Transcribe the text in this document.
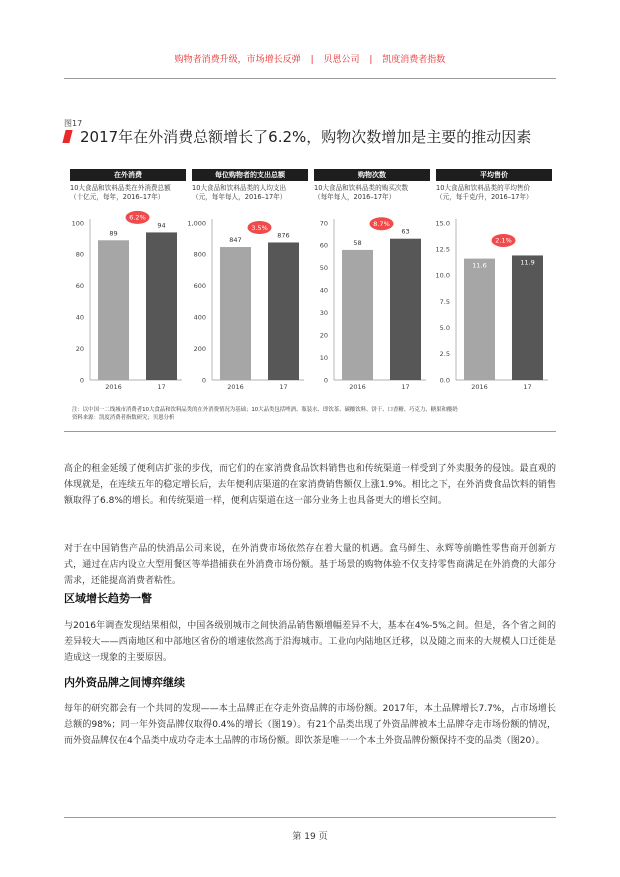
购物者消费升级，市场增长反弹 | 贝恩公司 | 凯度消费者指数
图17
2017年在外消费总额增长了6.2%，购物次数增加是主要的推动因素
在外消费
10大食品和饮料品类在外消费总额
（十亿元，每年，2016–17年）
0
20
40
60
80
100
89
2016
94
17
6.2%
每位购物者的支出总额
10大食品和饮料品类的人均支出
（元，每年每人，2016–17年）
0
200
400
600
800
1,000
847
2016
876
17
3.5%
购物次数
10大食品和饮料品类的购买次数
（每年每人，2016–17年）
0
10
20
30
40
50
60
70
58
2016
63
17
8.7%
平均售价
10大食品和饮料品类的平均售价
（元，每千克/升，2016–17年）
0.0
2.5
5.0
7.5
10.0
12.5
15.0
11.6
2016
11.9
17
2.1%
注：以中国一二线城市消费者10大食品和饮料品类的在外消费情况为基础；10大品类包括啤酒、瓶装水、即饮茶、碳酸饮料、饼干、口香糖、巧克力、糖果和酸奶
资料来源：凯度消费者指数研究；贝恩分析

高企的租金延缓了便利店扩张的步伐，而它们的在家消费食品饮料销售也和传统渠道一样受到了外卖服务的侵蚀。最直观的体现就是，在连续五年的稳定增长后，去年便利店渠道的在家消费销售额仅上涨1.9%。相比之下，在外消费食品饮料的销售额取得了6.8%的增长。和传统渠道一样，便利店渠道在这一部分业务上也具备更大的增长空间。

对于在中国销售产品的快消品公司来说，在外消费市场依然存在着大量的机遇。盒马鲜生、永辉等前瞻性零售商开创新方式，通过在店内设立大型用餐区等举措捕获在外消费市场份额。基于场景的购物体验不仅支持零售商满足在外消费的大部分需求，还能提高消费者粘性。

区域增长趋势一瞥

与2016年调查发现结果相似，中国各级别城市之间快消品销售额增幅差异不大，基本在4%-5%之间。但是，各个省之间的差异较大——西南地区和中部地区省份的增速依然高于沿海城市。工业向内陆地区迁移，以及随之而来的大规模人口迁徙是造成这一现象的主要原因。

内外资品牌之间博弈继续

每年的研究都会有一个共同的发现——本土品牌正在夺走外资品牌的市场份额。2017年，本土品牌增长7.7%，占市场增长总额的98%；同一年外资品牌仅取得0.4%的增长（图19）。有21个品类出现了外资品牌被本土品牌夺走市场份额的情况，而外资品牌仅在4个品类中成功夺走本土品牌的市场份额。即饮茶是唯一一个本土外资品牌份额保持不变的品类（图20）。

第 19 页
